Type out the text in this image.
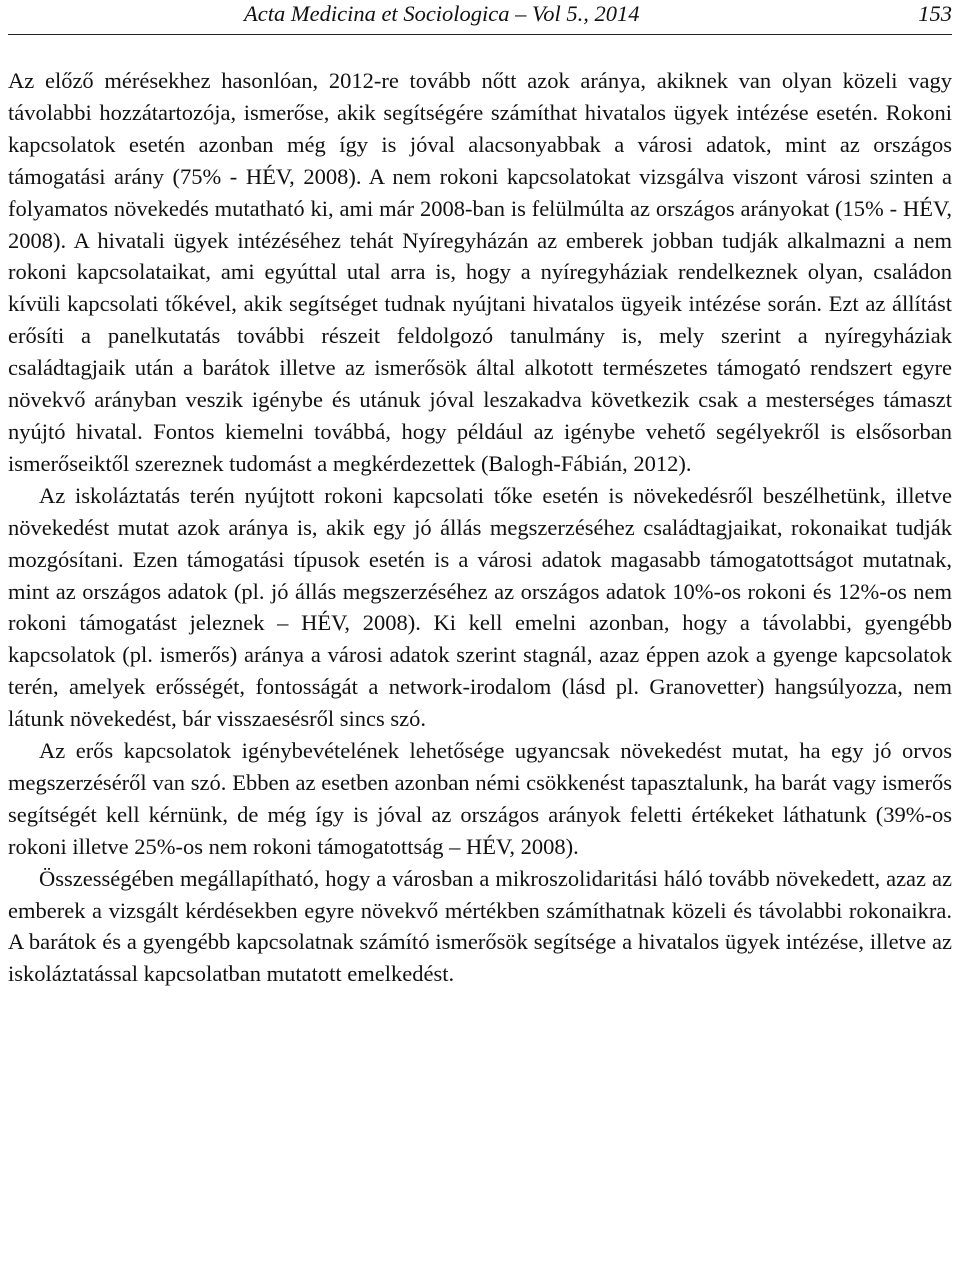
Acta Medicina et Sociologica – Vol 5., 2014	153

Az előző mérésekhez hasonlóan, 2012-re tovább nőtt azok aránya, akiknek van olyan közeli vagy távolabbi hozzátartozója, ismerőse, akik segítségére számíthat hivatalos ügyek intézése esetén. Rokoni kapcsolatok esetén azonban még így is jóval alacsonyabbak a városi adatok, mint az országos támogatási arány (75% - HÉV, 2008). A nem rokoni kapcsolatokat vizsgálva viszont városi szinten a folyamatos növekedés mutatható ki, ami már 2008-ban is felülmúlta az országos arányokat (15% - HÉV, 2008). A hivatali ügyek intézéséhez tehát Nyíregyházán az emberek jobban tudják alkalmazni a nem rokoni kapcsolataikat, ami egyúttal utal arra is, hogy a nyíregyháziak rendelkeznek olyan, családon kívüli kapcsolati tőkével, akik segítséget tudnak nyújtani hivatalos ügyeik intézése során. Ezt az állítást erősíti a panelkutatás további részeit feldolgozó tanulmány is, mely szerint a nyíregyháziak családtagjaik után a barátok illetve az ismerősök által alkotott természetes támogató rendszert egyre növekvő arányban veszik igénybe és utánuk jóval leszakadva következik csak a mesterséges támaszt nyújtó hivatal. Fontos kiemelni továbbá, hogy például az igénybe vehető segélyekről is elsősorban ismerőseiktől szereznek tudomást a megkérdezettek (Balogh-Fábián, 2012).

Az iskoláztatás terén nyújtott rokoni kapcsolati tőke esetén is növekedésről beszélhetünk, illetve növekedést mutat azok aránya is, akik egy jó állás megszerzéséhez családtagjaikat, rokonaikat tudják mozgósítani. Ezen támogatási típusok esetén is a városi adatok magasabb támogatottságot mutatnak, mint az országos adatok (pl. jó állás megszerzéséhez az országos adatok 10%-os rokoni és 12%-os nem rokoni támogatást jeleznek – HÉV, 2008). Ki kell emelni azonban, hogy a távolabbi, gyengébb kapcsolatok (pl. ismerős) aránya a városi adatok szerint stagnál, azaz éppen azok a gyenge kapcsolatok terén, amelyek erősségét, fontosságát a network-irodalom (lásd pl. Granovetter) hangsúlyozza, nem látunk növekedést, bár visszaesésről sincs szó.

Az erős kapcsolatok igénybevételének lehetősége ugyancsak növekedést mutat, ha egy jó orvos megszerzéséről van szó. Ebben az esetben azonban némi csökkenést tapasztalunk, ha barát vagy ismerős segítségét kell kérnünk, de még így is jóval az országos arányok feletti értékeket láthatunk (39%-os rokoni illetve 25%-os nem rokoni támogatottság – HÉV, 2008).

Összességében megállapítható, hogy a városban a mikroszolidaritási háló tovább növekedett, azaz az emberek a vizsgált kérdésekben egyre növekvő mértékben számíthatnak közeli és távolabbi rokonaikra. A barátok és a gyengébb kapcsolatnak számító ismerősök segítsége a hivatalos ügyek intézése, illetve az iskoláztatással kapcsolatban mutatott emelkedést.
